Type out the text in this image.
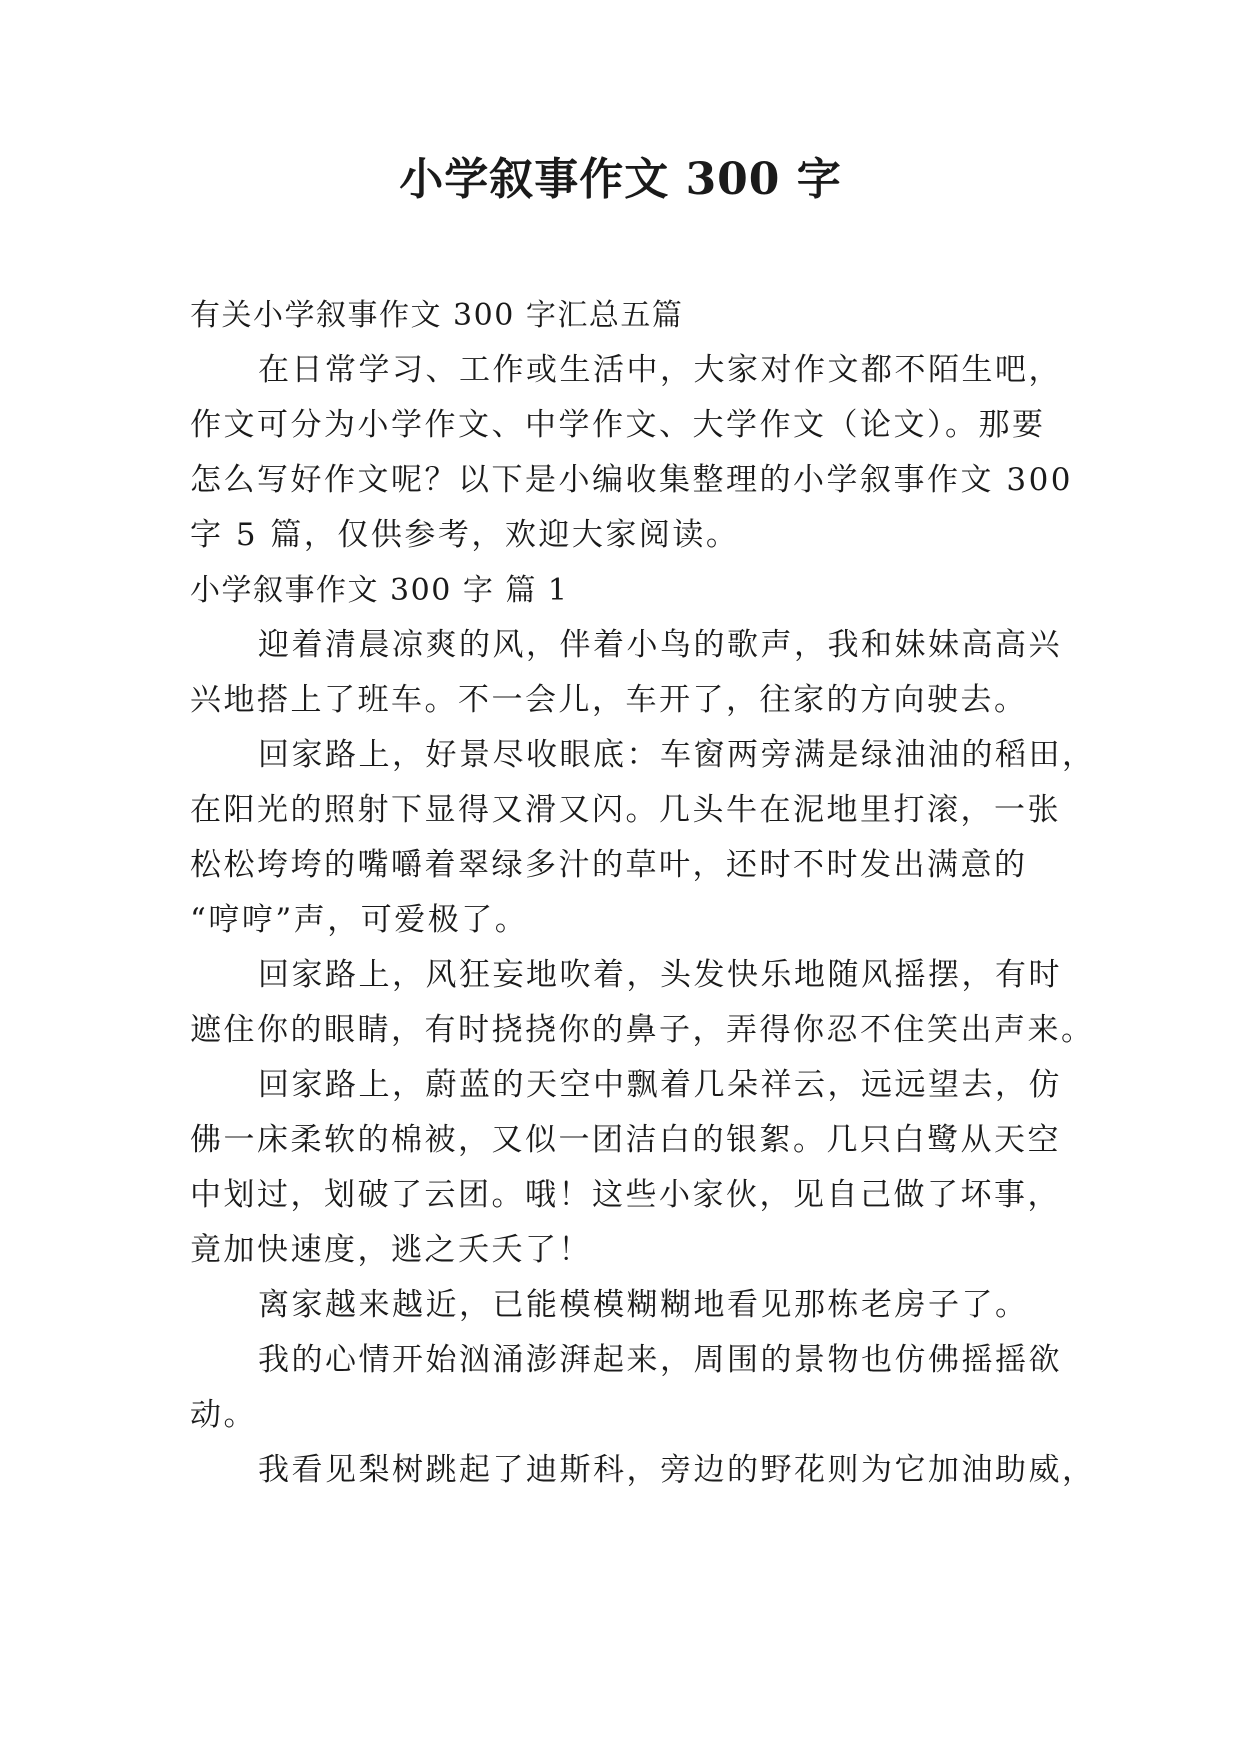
小学叙事作文 300 字
有关小学叙事作文 300 字汇总五篇
在日常学习、工作或生活中，大家对作文都不陌生吧，
作文可分为小学作文、中学作文、大学作文（论文）。那要
怎么写好作文呢？以下是小编收集整理的小学叙事作文 300
字 5 篇，仅供参考，欢迎大家阅读。
小学叙事作文 300 字 篇 1
迎着清晨凉爽的风，伴着小鸟的歌声，我和妹妹高高兴
兴地搭上了班车。不一会儿，车开了，往家的方向驶去。
回家路上，好景尽收眼底：车窗两旁满是绿油油的稻田，
在阳光的照射下显得又滑又闪。几头牛在泥地里打滚，一张
松松垮垮的嘴嚼着翠绿多汁的草叶，还时不时发出满意的
“哼哼”声，可爱极了。
回家路上，风狂妄地吹着，头发快乐地随风摇摆，有时
遮住你的眼睛，有时挠挠你的鼻子，弄得你忍不住笑出声来。
回家路上，蔚蓝的天空中飘着几朵祥云，远远望去，仿
佛一床柔软的棉被，又似一团洁白的银絮。几只白鹭从天空
中划过，划破了云团。哦！这些小家伙，见自己做了坏事，
竟加快速度，逃之夭夭了！
离家越来越近，已能模模糊糊地看见那栋老房子了。
我的心情开始汹涌澎湃起来，周围的景物也仿佛摇摇欲
动。
我看见梨树跳起了迪斯科，旁边的野花则为它加油助威，
